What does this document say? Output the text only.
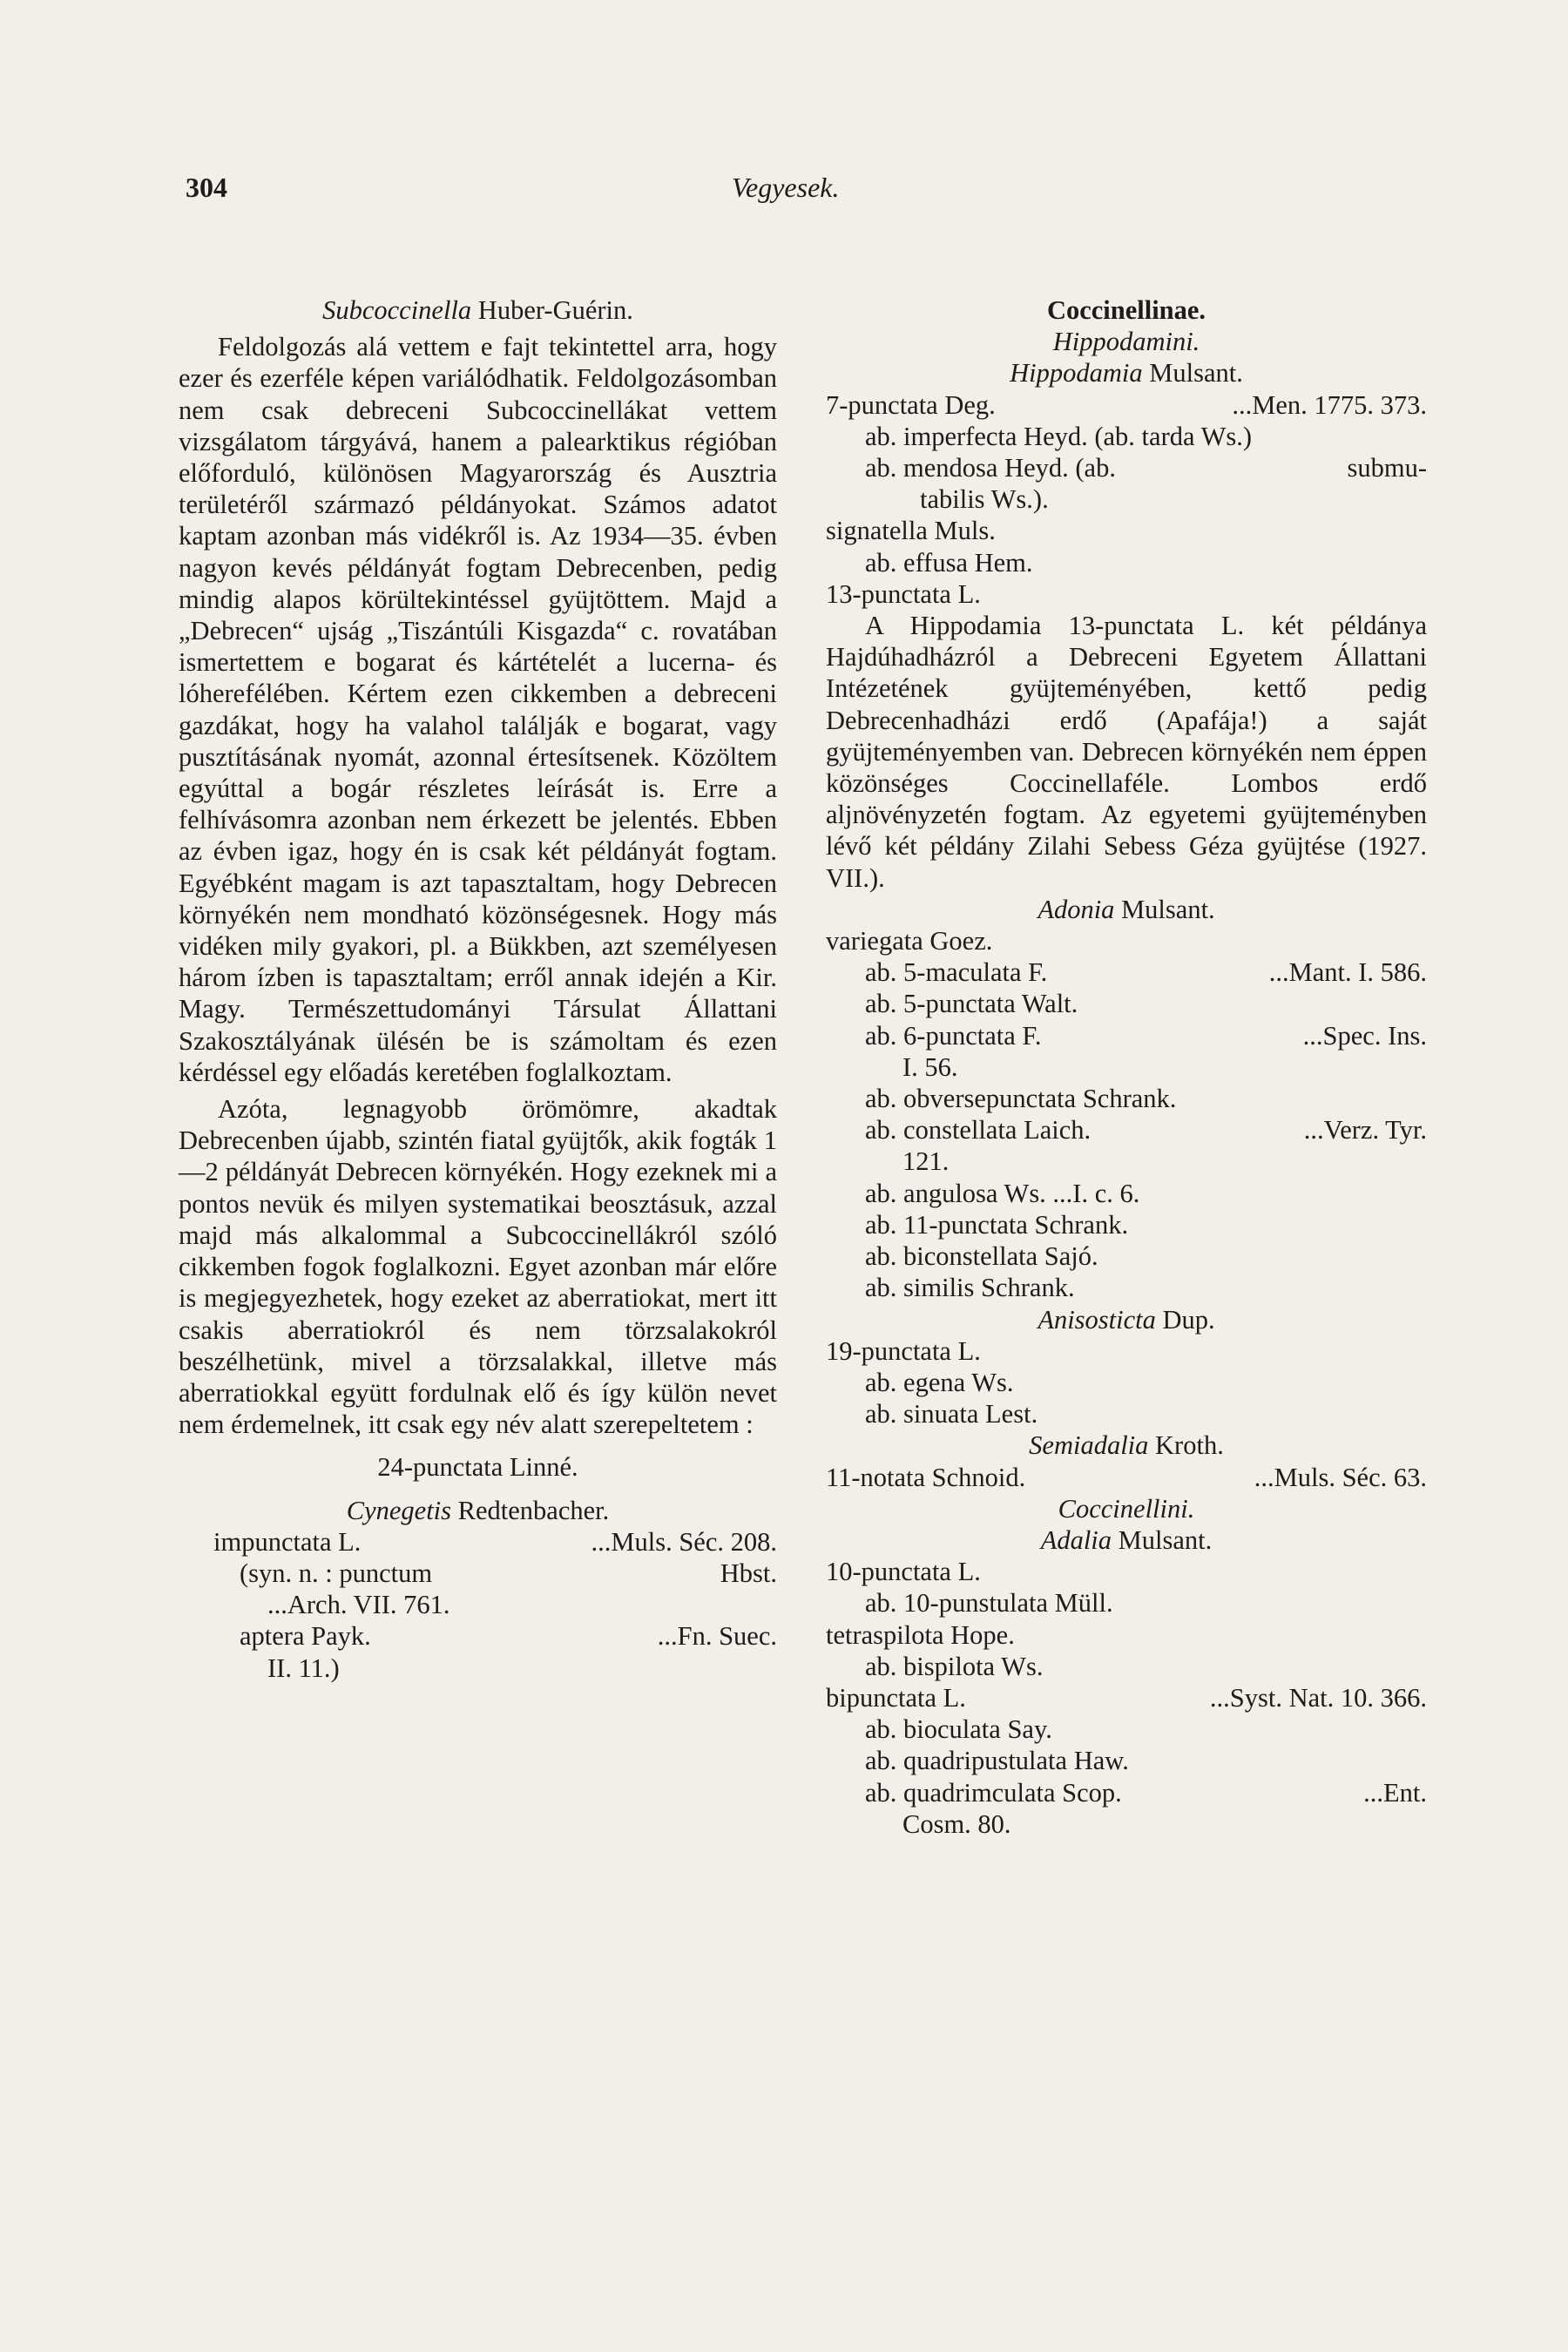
304	Vegyesek.

Subcoccinella Huber-Guérin.

Feldolgozás alá vettem e fajt tekintettel arra, hogy ezer és ezerféle képen variálódhatik. Feldolgozásomban nem csak debreceni Subcoccinellákat vettem vizsgálatom tárgyává, hanem a palearktikus régióban előforduló, különösen Magyarország és Ausztria területéről származó példányokat. Számos adatot kaptam azonban más vidékről is. Az 1934—35. évben nagyon kevés példányát fogtam Debrecenben, pedig mindig alapos körültekintéssel gyüjtöttem. Majd a „Debrecen“ ujság „Tiszántúli Kisgazda“ c. rovatában ismertettem e bogarat és kártételét a lucerna- és lóherefélében. Kértem ezen cikkemben a debreceni gazdákat, hogy ha valahol találják e bogarat, vagy pusztításának nyomát, azonnal értesítsenek. Közöltem egyúttal a bogár részletes leírását is. Erre a felhívásomra azonban nem érkezett be jelentés. Ebben az évben igaz, hogy én is csak két példányát fogtam. Egyébként magam is azt tapasztaltam, hogy Debrecen környékén nem mondható közönségesnek. Hogy más vidéken mily gyakori, pl. a Bükkben, azt személyesen három ízben is tapasztaltam; erről annak idején a Kir. Magy. Természettudományi Társulat Állattani Szakosztályának ülésén be is számoltam és ezen kérdéssel egy előadás keretében foglalkoztam.

Azóta, legnagyobb örömömre, akadtak Debrecenben újabb, szintén fiatal gyüjtők, akik fogták 1—2 példányát Debrecen környékén. Hogy ezeknek mi a pontos nevük és milyen systematikai beosztásuk, azzal majd más alkalommal a Subcoccinellákról szóló cikkemben fogok foglalkozni. Egyet azonban már előre is megjegyezhetek, hogy ezeket az aberratiokat, mert itt csakis aberratiokról és nem törzsalakokról beszélhetünk, mivel a törzsalakkal, illetve más aberratiokkal együtt fordulnak elő és így külön nevet nem érdemelnek, itt csak egy név alatt szerepeltetem :

24-punctata Linné.

Cynegetis Redtenbacher.

impunctata L.	...Muls. Séc. 208.

(syn. n. : punctum	Hbst.

...Arch. VII. 761.

aptera Payk.	...Fn. Suec.

II. 11.)

Coccinellinae.

Hippodamini.

Hippodamia Mulsant.

7-punctata Deg.	...Men. 1775. 373.

ab. imperfecta Heyd. (ab. tarda Ws.)

ab. mendosa Heyd. (ab.	submu-

tabilis Ws.).

signatella Muls.

ab. effusa Hem.

13-punctata L.

A Hippodamia 13-punctata L. két példánya Hajdúhadházról a Debreceni Egyetem Állattani Intézetének gyüjteményében, kettő pedig Debrecenhadházi erdő (Apafája!) a saját gyüjteményemben van. Debrecen környékén nem éppen közönséges Coccinellaféle. Lombos erdő aljnövényzetén fogtam. Az egyetemi gyüjteményben lévő két példány Zilahi Sebess Géza gyüjtése (1927. VII.).

Adonia Mulsant.

variegata Goez.

ab. 5-maculata F.	...Mant. I. 586.

ab. 5-punctata Walt.

ab. 6-punctata F.	...Spec. Ins.

I. 56.

ab. obversepunctata Schrank.

ab. constellata Laich.	...Verz. Tyr.

121.

ab. angulosa Ws. ...I. c. 6.

ab. 11-punctata Schrank.

ab. biconstellata Sajó.

ab. similis Schrank.

Anisosticta Dup.

19-punctata L.

ab. egena Ws.

ab. sinuata Lest.

Semiadalia Kroth.

11-notata Schnoid.	...Muls. Séc. 63.

Coccinellini.

Adalia Mulsant.

10-punctata L.

ab. 10-punstulata Müll.

tetraspilota Hope.

ab. bispilota Ws.

bipunctata L.	...Syst. Nat. 10. 366.

ab. bioculata Say.

ab. quadripustulata Haw.

ab. quadrimculata Scop.	...Ent.

Cosm. 80.
